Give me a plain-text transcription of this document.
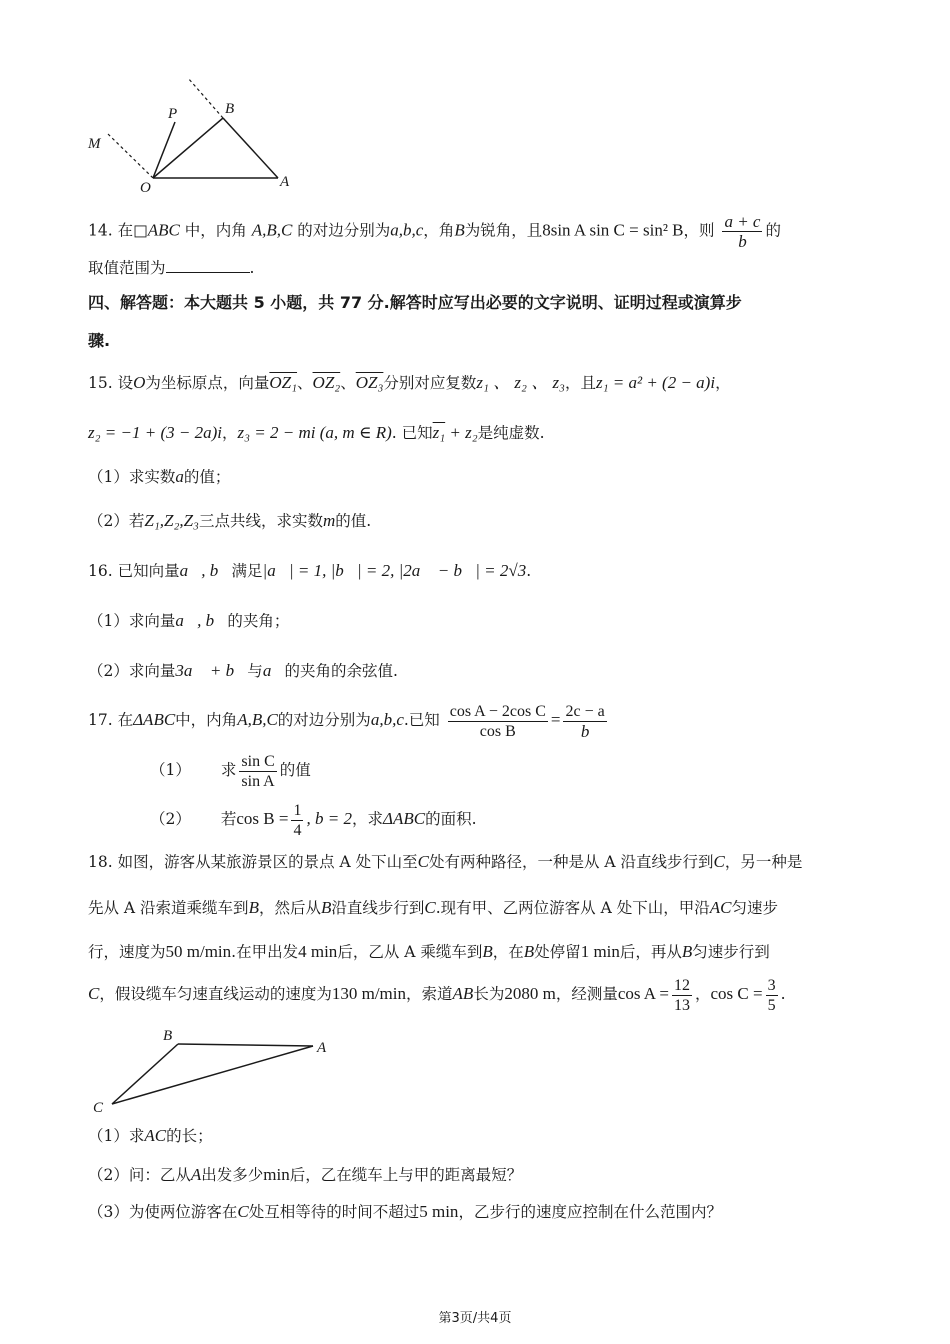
P	B
M
O	A
14. 在□ABC 中，内角 A,B,C 的对边分别为a,b,c，角B为锐角，且8sin A sin C = sin² B，则 $\frac{a + c}{b}$ 的
取值范围为	.
四、解答题：本大题共 5 小题，共 77 分.解答时应写出必要的文字说明、证明过程或演算步
骤.
15. 设O为坐标原点，向量OZ₁、OZ₂、OZ₃分别对应复数z₁ 、 z₂ 、 z₃，且z₁ = a² + (2 − a)i，
z₂ = −1 + (3 − 2a)i，z₃ = 2 − mi (a, m ∈ R). 已知z₁ + z₂是纯虚数.
（1）求实数a的值；
（2）若Z₁,Z₂,Z₃三点共线，求实数m的值.
16. 已知向量a⃗, b⃗满足|a⃗| = 1, |b⃗| = 2, |2a⃗ − b⃗| = 2√3.
（1）求向量a⃗, b⃗的夹角；
（2）求向量3a⃗ + b⃗与a⃗的夹角的余弦值.
17. 在ΔABC中，内角A,B,C的对边分别为a,b,c.已知 $\frac{\text{cos A − 2cos C}}{\text{cos B}} = \frac{2c - a}{b}$
（1） 求 $\frac{\text{sin C}}{\text{sin A}}$ 的值
（2） 若$\cos B = \frac{1}{4}$ , b = 2，求ΔABC的面积.
18. 如图，游客从某旅游景区的景点 A 处下山至C处有两种路径，一种是从 A 沿直线步行到C，另一种是
先从 A 沿索道乘缆车到B，然后从B沿直线步行到C.现有甲、乙两位游客从 A 处下山，甲沿AC匀速步
行，速度为50 m/min.在甲出发4 min后，乙从 A 乘缆车到B，在B处停留1 min后，再从B匀速步行到
C，假设缆车匀速直线运动的速度为130 m/min，索道AB长为2080 m，经测量$\cos A = \frac{12}{13}$ ，$\cos C = \frac{3}{5}$ .
B
A
C
（1）求AC的长；
（2）问：乙从A出发多少min后，乙在缆车上与甲的距离最短？
（3）为使两位游客在C处互相等待的时间不超过5 min，乙步行的速度应控制在什么范围内？
第3页/共4页
